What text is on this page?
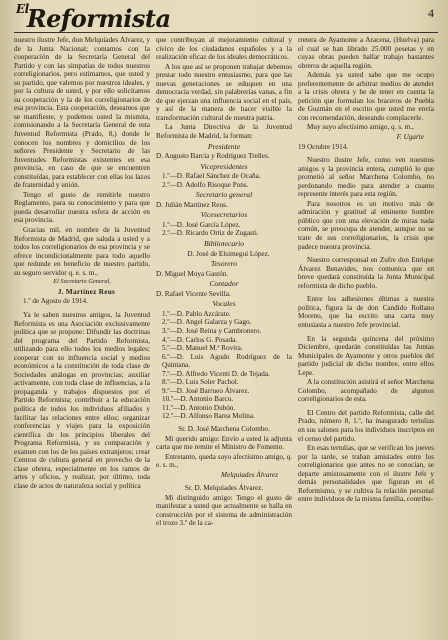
$^{El}$Reformista	4

nuestro ilustre Jefe, don Melquiades Álvarez, y de la Junta Nacional; contamos con la cooperación de la Secretaría General del Partido y con las simpatías de todos nuestros correligionarios, pero estimamos, que usted y su partido, que valemos por nuestros ideales, y por la cultura de usted, y por ello solicitamos su cooperación y la de los correligionarios de esa provincia. Esta cooperación, deseamos que se manifieste, y podemos usted la mismita, comisionando a la Secretaría General de esta Juventud Reformista (Prado, 8,) donde le conocen los nombres y domicilios de los señores Presidente y Secretario de las Juventudes Reformistas existentes en esa provincia, en caso de que se encuentren constituídas, para establecer con ellas los lazos de fraternidad y unión.

Tengo el gusto de remitirle nuestro Reglamento, para su conocimiento y para que pueda desarrollar nuestra esfera de acción en esa provincia.

Gracias mil, en nombre de la Juventud Reformista de Madrid, que saluda a usted y a todos los correligionarios de esa provincia y se ofrece incondicionalmente para todo aquello que redunde en beneficio de nuestro partido, su seguro servidor q. e. s. m.,

El Secretario General,

J. Martínez Reus

1.º de Agosto de 1914.

Ya le saben nuestros amigos, la Juventud Reformista es una Asociación exclusivamente política que se propone: Difundir las doctrinas del programa del Partido Reformista, utilizando para ello todos los medios legales; cooperar con su influencia social y medios económicos a la constitución de toda clase de Sociedades análogas en provincias; auxiliar activamente, con toda clase de influencias, a la propaganda y trabajos dispuestos por el Partido Reformista; contribuir a la educación política de todos los individuos afiliados y facilitar las relaciones entre ellos; organizar conferencias y viajes para la exposición científica de los principios liberales del Programa Reformista, y su comparación y examen con los de los países extranjeros; crear Centros de cultura general en provecho de la clase obrera, especialmente en los ramos de artes y oficios, y realizar, por último, toda clase de actos de naturaleza social y política

que contribuyan al mejoramiento cultural y cívico de los ciudadanos españoles y a la realización eficaz de los ideales democráticos.

A los que así se proponen trabajar debemos prestar todo nuestro entusiasmo, para que las nuevas generaciones se eduquen en una democracia verdad, sin palabrerías vanas, a fin de que ejerzan una influencia social en el país, y así de la manera de hacer visible la transformación cultural de nuestra patria.

La Junta Directiva de la Juventud Reformista de Madrid, la forman:

Presidente

D. Augusto Barcia y Rodríguez Trelles.

Vicepresidentes
1.º—D. Rafael Sánchez de Ocaña.
2.º—D. Adolfo Risoque Pons.
Secretario general

D. Julián Martínez Reus.

Vicesecretarios
1.º—D. José García López.
2.º—D. Ricardo Ortiz de Zugasti.
Bibliotecario

D. José de Elsimegui López.

Tesorero

D. Miguel Moya Gastón.

Contador

D. Rafael Vicente Sevilla.

Vocales
1.º—D. Pablo Azcárate.
2.º—D. Angel Galarza y Gago.
3.º—D. José Reina y Cambronero.
4.º—D. Carlos G. Posada.
5.º—D. Manuel M.ª Rovira.
6.º—D. Luis Agudo Rodríguez de la Quintana.
7.º—D. Alfredo Vicenti D. de Tejada.
8.º—D. Luis Soler Pachol.
9.º—D. José Barrueo Álvarez.
10.º—D. Antonio Barco.
11.º—D. Antonio Dubón.
12.º—D. Alfonso Barea Molina.

Sr. D. José Marchena Colombo.

Mi querido amigo: Envío a usted la adjunta carta que me remite el Ministro de Fomento.

Entretanto, queda suyo afectísimo amigo, q. e. s. m.,

Melquiades Álvarez

Sr. D. Melquiades Álvarez.

Mi distinguido amigo: Tengo el gusto de manifestar a usted que actualmente se halla en construcción por el sistema de administración el trozo 3.º de la ca-

rretera de Ayamonte a Aracena, (Huelva) para el cual se han librado 25.000 pesetas y en cuyas obras pueden hallar trabajo bastantes obreros de aquella región.

Además ya usted sabe que me ocupo preferentemente de arbitrar medios de atender a la crisis obrera y he de tener en cuenta la petición que formulan los braceros de Puebla de Guzmán en el escrito que usted me envía con recomendación, deseando complacerle.

Muy suyo afectísimo amigo, q. s. m.,

F. Ugarte

19 Octubre 1914.

Nuestro ilustre Jefe, como ven nuestros amigos y la provincia entera, cumplió lo que prometió al señor Marchena Colombo, no perdonando medio para atender a cuanto represente interés para esta región.

Para nosotros es un motivo más de admiración y gratitud al eminente hombre público que con una elevación de miras nada común, se preocupa de atender, aunque no se trate de sus correligionarios, la crisis que padece nuestra provincia.

Nuestro corresponsal en Zufre don Enrique Álvarez Benavides, nos comunica que en breve quedará constituída la Junta Municipal reformista de dicho pueblo.

Entre los adhesiones últimas a nuestra política, figura la de don Candido Rollano Moreno, que ha escrito una carta muy entusiasta a nuestro Jefe provincial.

En la segunda quincena del próximo Diciembre, quedarán constituídas las Juntas Municipales de Ayamonte y otros pueblos del partido judicial de dicho nombre, entre ellos Lepe.

A la constitución asistirá el señor Marchena Colombo, acompañado de algunos correligionarios de esta.

El Centro del partido Reformista, calle del Prado, número 8, 1.º, ha inaugurado tertulias en sus salones para los individuos inscriptos en el censo del partido.

En esas tertulias, que se verifican los jueves por la tarde, se traban amistades entre los correligionarios que antes no se conocían, se departe amistosamente con el ilustre Jefe y demás personalidades que figuran en el Reformismo, y se cultiva la relación personal entre individuos de la misma familia, contribu-
